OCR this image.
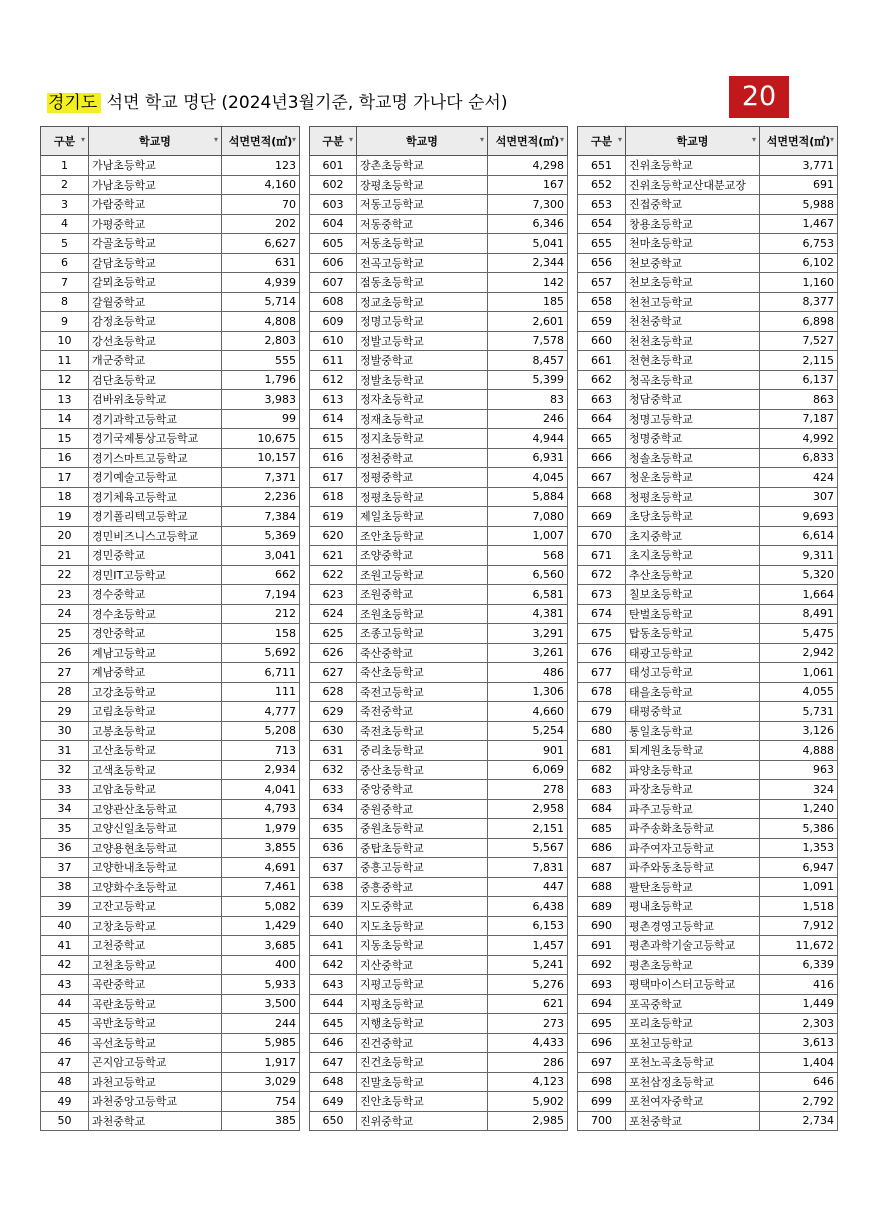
경기도 석면 학교 명단 (2024년3월기준, 학교명 가나다 순서)	20
구분 ▾	학교명 ▾	석면면적(㎡) ▾

1	가남초등학교	123
2	가남초등학교	4,160
3	가람중학교	70
4	가평중학교	202
5	각골초등학교	6,627
6	갈담초등학교	631
7	갈뫼초등학교	4,939
8	갈월중학교	5,714
9	감정초등학교	4,808
10	강선초등학교	2,803
11	개군중학교	555
12	검단초등학교	1,796
13	검바위초등학교	3,983
14	경기과학고등학교	99
15	경기국제통상고등학교	10,675
16	경기스마트고등학교	10,157
17	경기예술고등학교	7,371
18	경기체육고등학교	2,236
19	경기폴리텍고등학교	7,384
20	경민비즈니스고등학교	5,369
21	경민중학교	3,041
22	경민IT고등학교	662
23	경수중학교	7,194
24	경수초등학교	212
25	경안중학교	158
26	계남고등학교	5,692
27	계남중학교	6,711
28	고강초등학교	111
29	고림초등학교	4,777
30	고봉초등학교	5,208
31	고산초등학교	713
32	고색초등학교	2,934
33	고암초등학교	4,041
34	고양관산초등학교	4,793
35	고양신일초등학교	1,979
36	고양용현초등학교	3,855
37	고양한내초등학교	4,691
38	고양화수초등학교	7,461
39	고잔고등학교	5,082
40	고창초등학교	1,429
41	고천중학교	3,685
42	고천초등학교	400
43	곡란중학교	5,933
44	곡란초등학교	3,500
45	곡반초등학교	244
46	곡선초등학교	5,985
47	곤지암고등학교	1,917
48	과천고등학교	3,029
49	과천중앙고등학교	754
50	과천중학교	385
구분 ▾	학교명 ▾	석면면적(㎡) ▾

601	장촌초등학교	4,298
602	장평초등학교	167
603	저동고등학교	7,300
604	저동중학교	6,346
605	저동초등학교	5,041
606	전곡고등학교	2,344
607	점동초등학교	142
608	정교초등학교	185
609	정명고등학교	2,601
610	정발고등학교	7,578
611	정발중학교	8,457
612	정발초등학교	5,399
613	정자초등학교	83
614	정재초등학교	246
615	정지초등학교	4,944
616	정천중학교	6,931
617	정평중학교	4,045
618	정평초등학교	5,884
619	제일초등학교	7,080
620	조안초등학교	1,007
621	조양중학교	568
622	조원고등학교	6,560
623	조원중학교	6,581
624	조원초등학교	4,381
625	조종고등학교	3,291
626	죽산중학교	3,261
627	죽산초등학교	486
628	죽전고등학교	1,306
629	죽전중학교	4,660
630	죽전초등학교	5,254
631	중리초등학교	901
632	중산초등학교	6,069
633	중앙중학교	278
634	중원중학교	2,958
635	중원초등학교	2,151
636	중탑초등학교	5,567
637	중흥고등학교	7,831
638	중흥중학교	447
639	지도중학교	6,438
640	지도초등학교	6,153
641	지동초등학교	1,457
642	지산중학교	5,241
643	지평고등학교	5,276
644	지평초등학교	621
645	지행초등학교	273
646	진건중학교	4,433
647	진건초등학교	286
648	진말초등학교	4,123
649	진안초등학교	5,902
650	진위중학교	2,985
구분 ▾	학교명 ▾	석면면적(㎡) ▾

651	진위초등학교	3,771
652	진위초등학교산대분교장	691
653	진접중학교	5,988
654	창용초등학교	1,467
655	천마초등학교	6,753
656	천보중학교	6,102
657	천보초등학교	1,160
658	천천고등학교	8,377
659	천천중학교	6,898
660	천천초등학교	7,527
661	천현초등학교	2,115
662	청곡초등학교	6,137
663	청담중학교	863
664	청명고등학교	7,187
665	청명중학교	4,992
666	청솔초등학교	6,833
667	청운초등학교	424
668	청평초등학교	307
669	초당초등학교	9,693
670	초지중학교	6,614
671	초지초등학교	9,311
672	추산초등학교	5,320
673	칠보초등학교	1,664
674	탄벌초등학교	8,491
675	탑동초등학교	5,475
676	태광고등학교	2,942
677	태성고등학교	1,061
678	태을초등학교	4,055
679	태평중학교	5,731
680	통일초등학교	3,126
681	퇴계원초등학교	4,888
682	파양초등학교	963
683	파장초등학교	324
684	파주고등학교	1,240
685	파주송화초등학교	5,386
686	파주여자고등학교	1,353
687	파주와동초등학교	6,947
688	팔탄초등학교	1,091
689	평내초등학교	1,518
690	평촌경영고등학교	7,912
691	평촌과학기술고등학교	11,672
692	평촌초등학교	6,339
693	평택마이스터고등학교	416
694	포곡중학교	1,449
695	포리초등학교	2,303
696	포천고등학교	3,613
697	포천노곡초등학교	1,404
698	포천삼정초등학교	646
699	포천여자중학교	2,792
700	포천중학교	2,734
